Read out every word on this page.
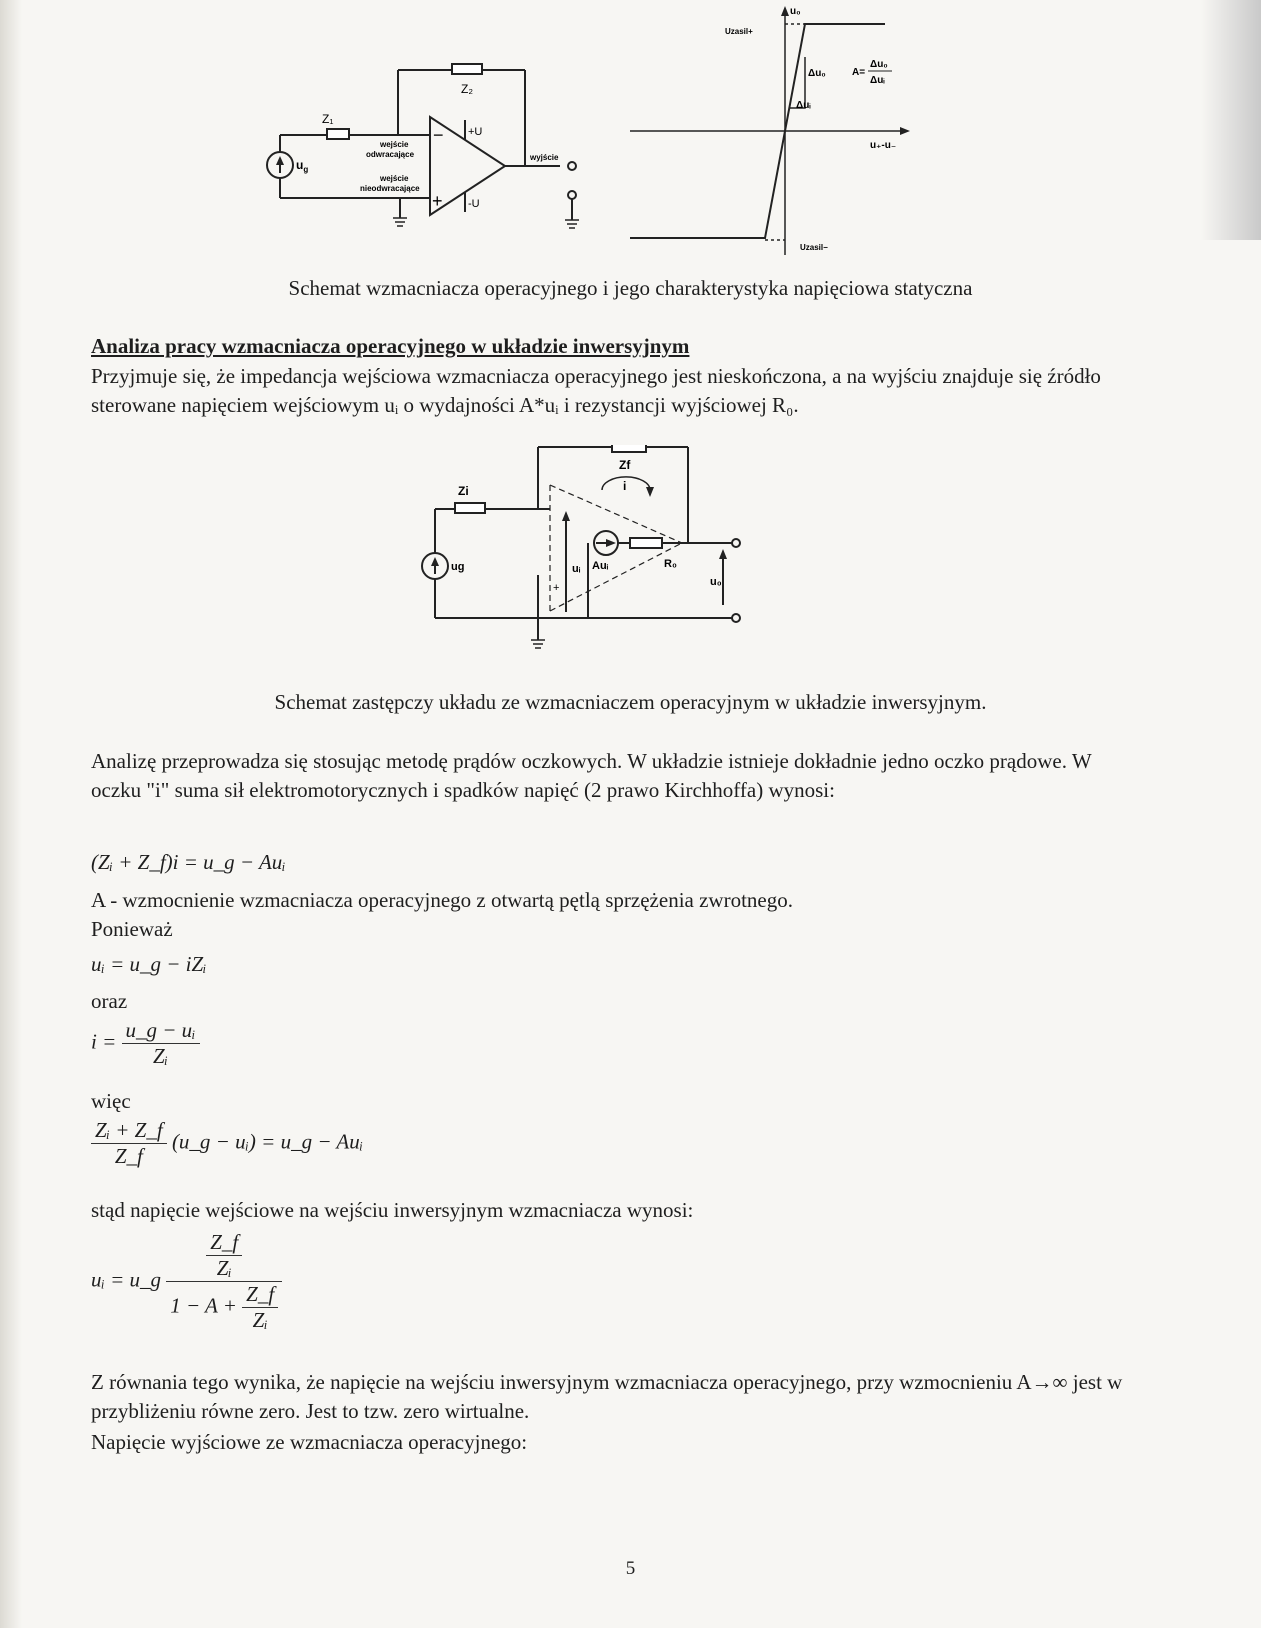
Z₁
Z₂
$u_g$
wejście
odwracające
wejście
nieodwracające
−
+
+U
-U
wyjście
u₀
u₊-u₋
Uzasil+
Uzasil−
Δu₀
Δuᵢ
A=
Δu₀
Δuᵢ
Schemat wzmacniacza operacyjnego i jego charakterystyka napięciowa statyczna
Analiza pracy wzmacniacza operacyjnego w układzie inwersyjnym
Przyjmuje się, że impedancja wejściowa wzmacniacza operacyjnego jest nieskończona, a na wyjściu znajduje się źródło sterowane napięciem wejściowym uᵢ o wydajności A*uᵢ i rezystancji wyjściowej R₀.
Zf
Zi	i
ug	uᵢ Auᵢ	R₀
u₀
+
Schemat zastępczy układu ze wzmacniaczem operacyjnym w układzie inwersyjnym.
Analizę przeprowadza się stosując metodę prądów oczkowych. W układzie istnieje dokładnie jedno oczko prądowe. W oczku "i" suma sił elektromotorycznych i spadków napięć (2 prawo Kirchhoffa) wynosi:
(Zᵢ + Z_f)i = u_g − Auᵢ
A - wzmocnienie wzmacniacza operacyjnego z otwartą pętlą sprzężenia zwrotnego.
Ponieważ
uᵢ = u_g − iZᵢ
oraz
$i = \frac{\text{u\_g − uᵢ}}{\text{Zᵢ}}$
więc
$\frac{\text{Zᵢ + Z\_f}}{Z\_f}$ (u_g − uᵢ) = u_g − Auᵢ
stąd napięcie wejściowe na wejściu inwersyjnym wzmacniacza wynosi:
uᵢ = u_g $\frac{\frac{Z\_f}{\text{Zᵢ}}}{1 - A + \frac{Z\_f}{\text{Zᵢ}}}$
Z równania tego wynika, że napięcie na wejściu inwersyjnym wzmacniacza operacyjnego, przy wzmocnieniu A→∞ jest w przybliżeniu równe zero. Jest to tzw. zero wirtualne.
Napięcie wyjściowe ze wzmacniacza operacyjnego:
5
